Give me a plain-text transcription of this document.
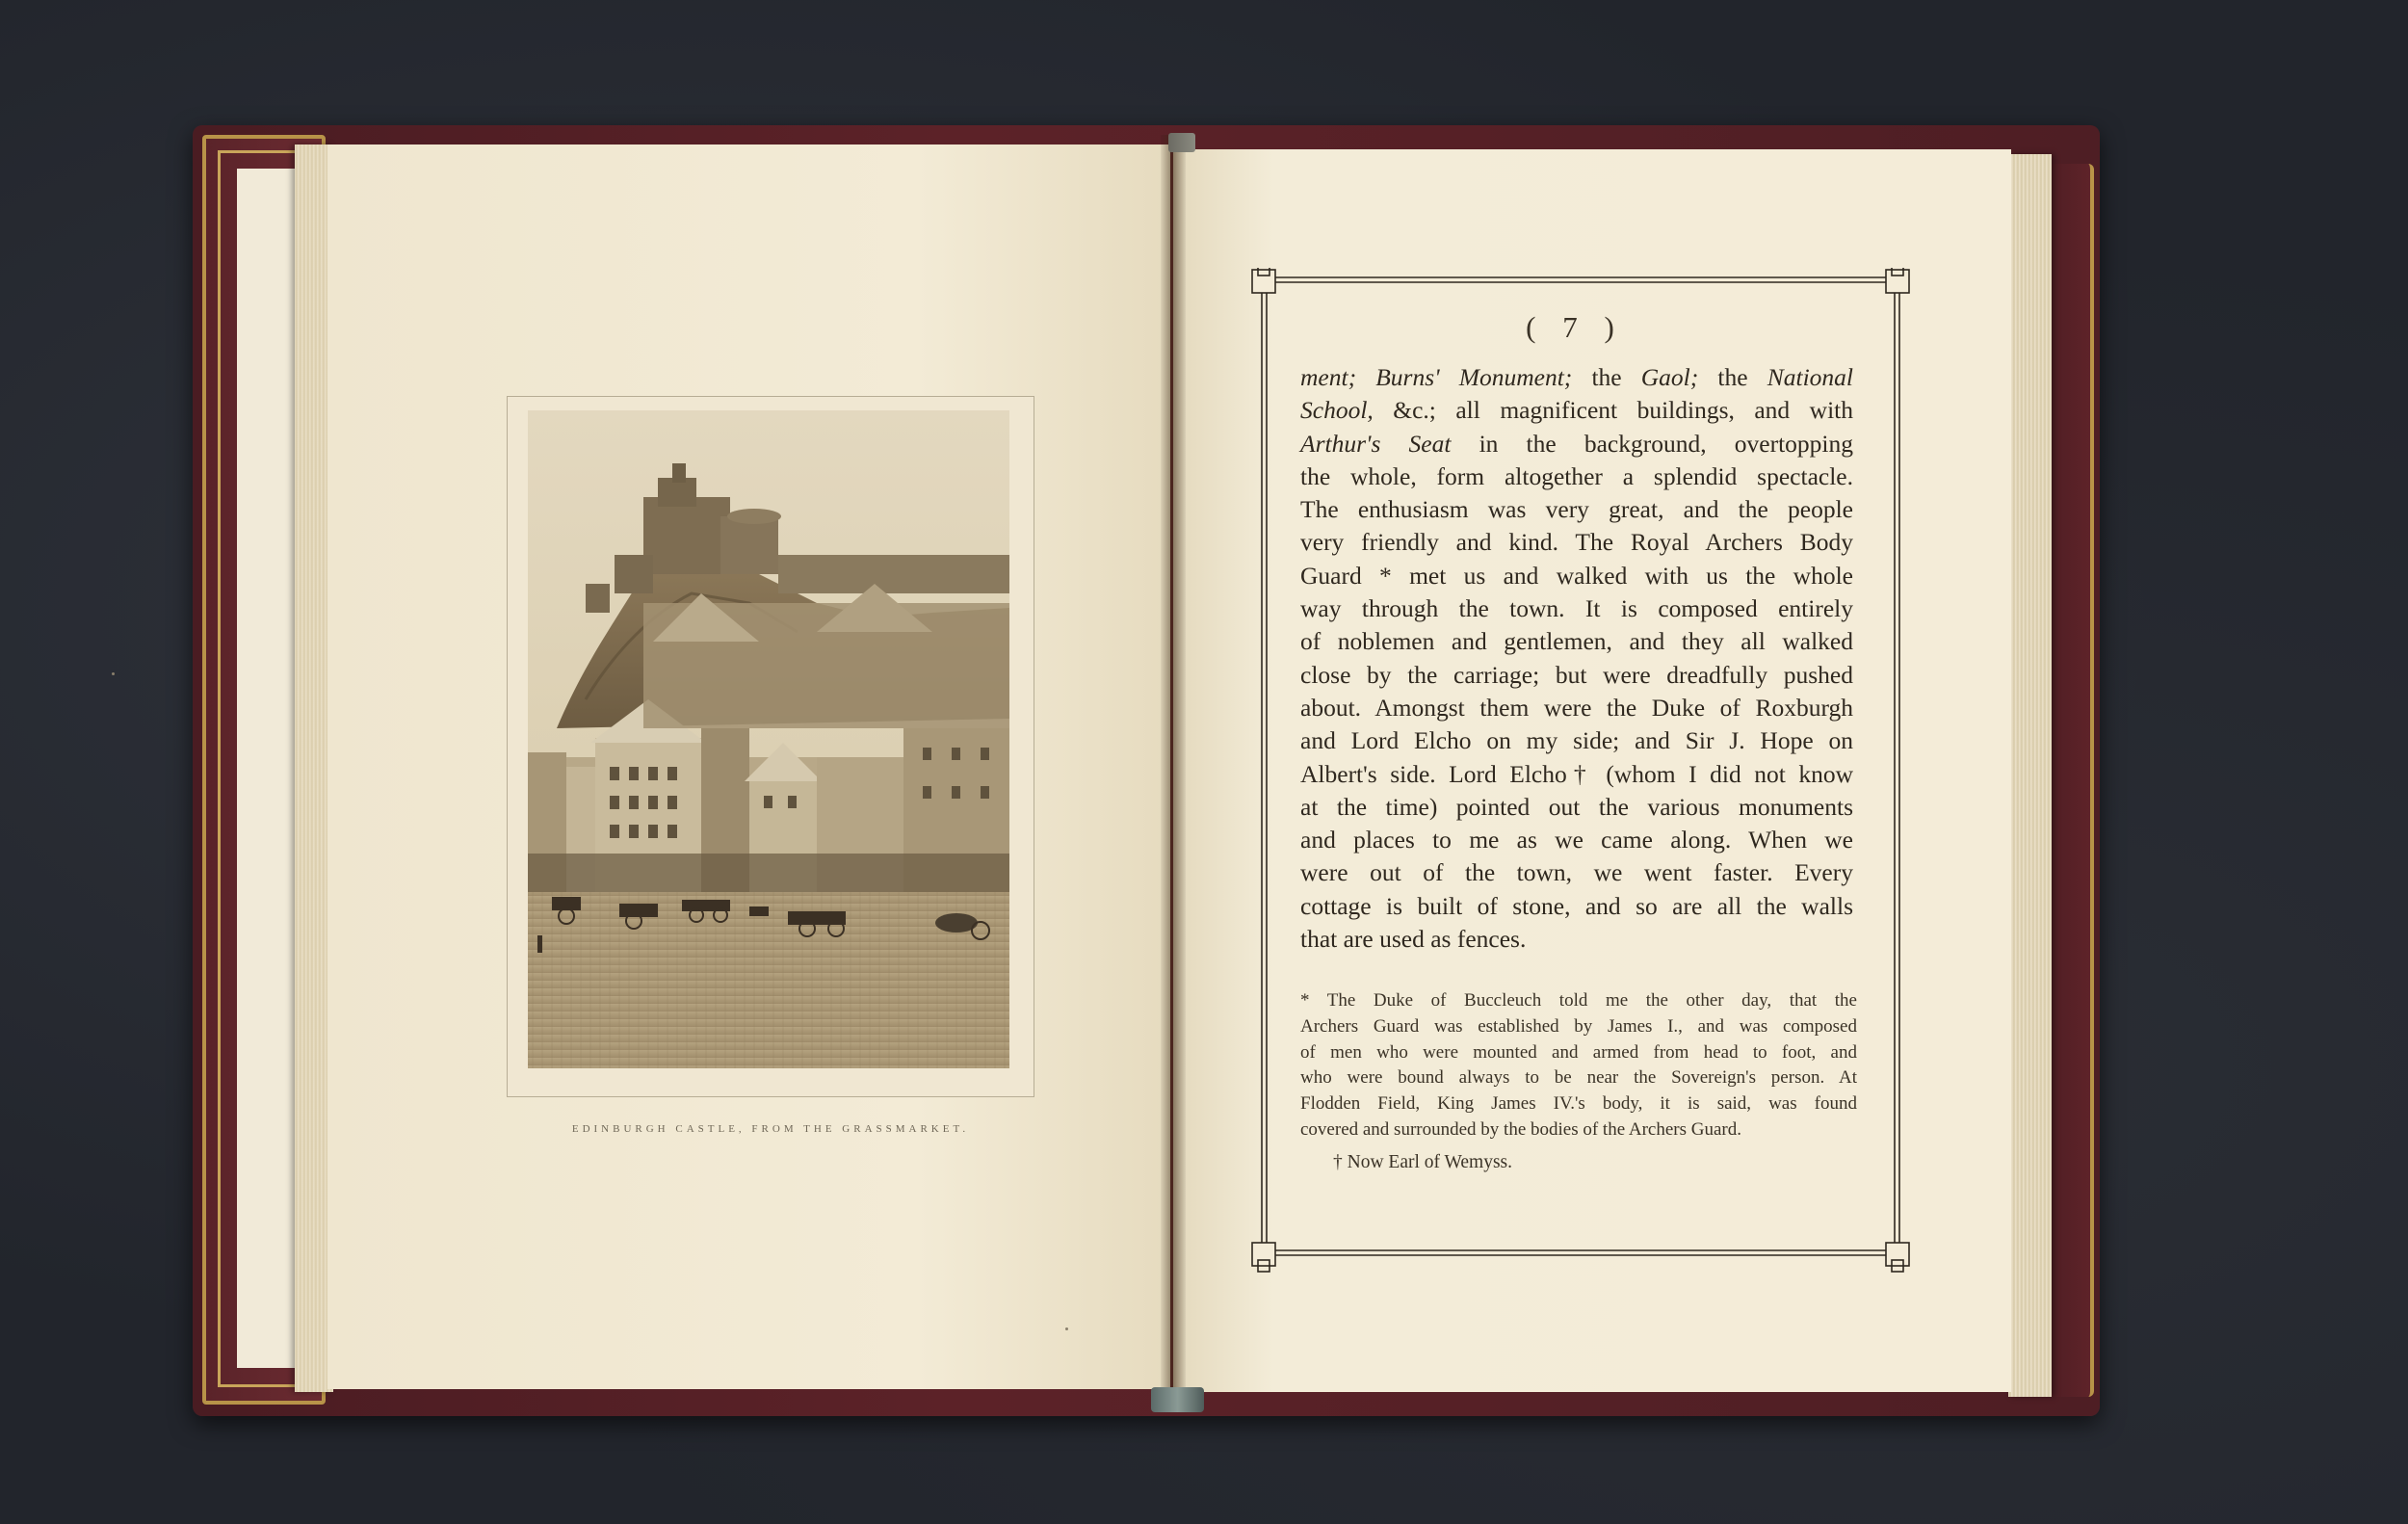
EDINBURGH CASTLE, FROM THE GRASSMARKET.
( 7 )
ment; Burns' Monument; the Gaol; the National
School, &c.; all magnificent buildings, and with
Arthur's Seat in the background, overtopping
the whole, form altogether a splendid spectacle.
The enthusiasm was very great, and the people
very friendly and kind. The Royal Archers Body
Guard * met us and walked with us the whole
way through the town. It is composed entirely
of noblemen and gentlemen, and they all walked
close by the carriage; but were dreadfully pushed
about. Amongst them were the Duke of Roxburgh
and Lord Elcho on my side; and Sir J. Hope on
Albert's side. Lord Elcho† (whom I did not know
at the time) pointed out the various monuments
and places to me as we came along. When we
were out of the town, we went faster. Every
cottage is built of stone, and so are all the walls
that are used as fences.
* The Duke of Buccleuch told me the other day, that the
Archers Guard was established by James I., and was composed
of men who were mounted and armed from head to foot, and
who were bound always to be near the Sovereign's person. At
Flodden Field, King James IV.'s body, it is said, was found
covered and surrounded by the bodies of the Archers Guard.
† Now Earl of Wemyss.
